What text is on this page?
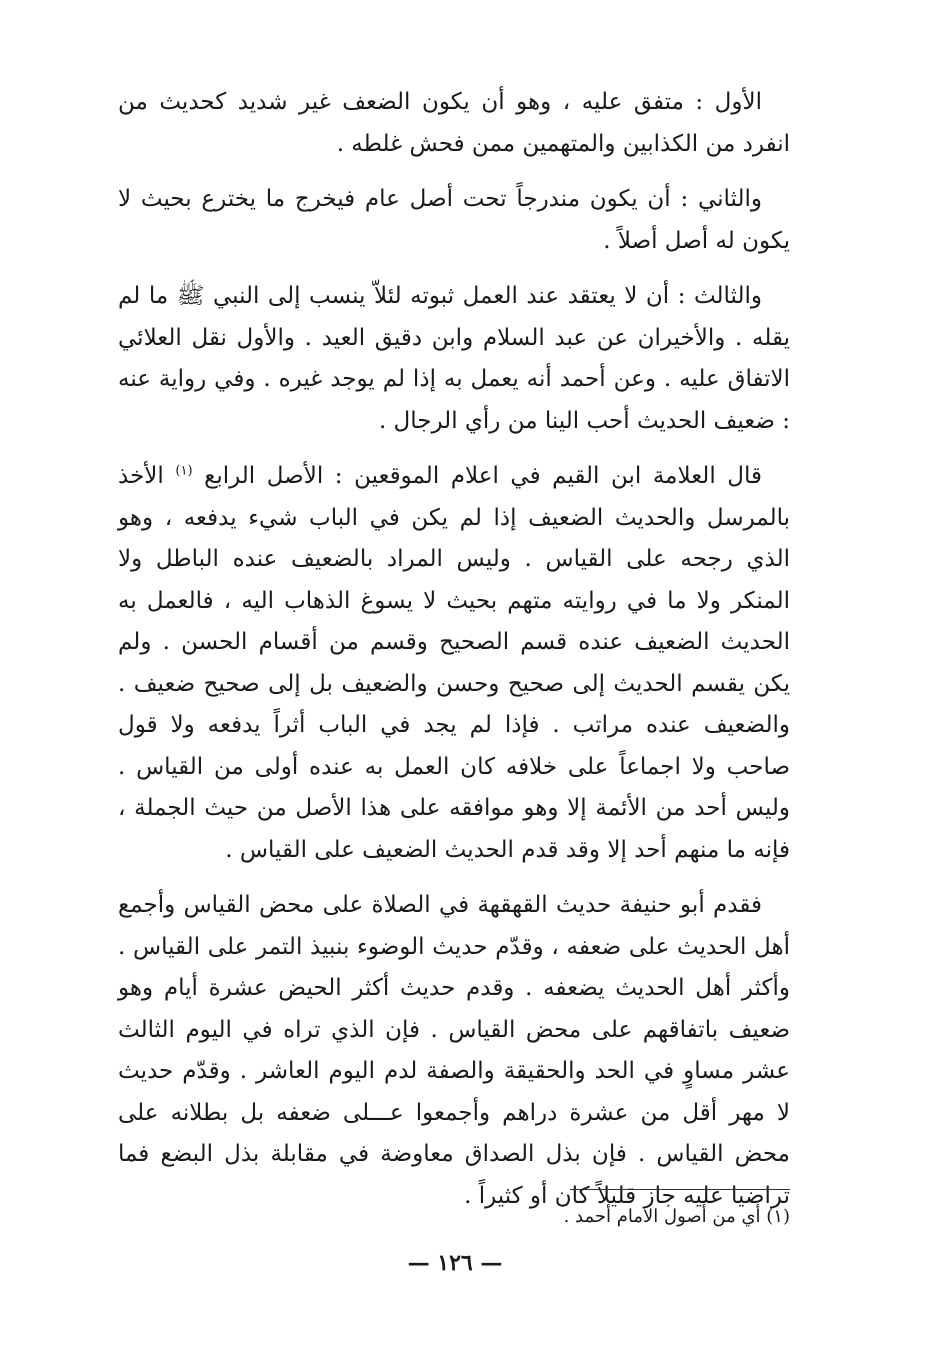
الأول : متفق عليه ، وهو أن يكون الضعف غير شديد كحديث من انفرد من الكذابين والمتهمين ممن فحش غلطه .

والثاني : أن يكون مندرجاً تحت أصل عام فيخرج ما يخترع بحيث لا يكون له أصل أصلاً .

والثالث : أن لا يعتقد عند العمل ثبوته لئلاّ ينسب إلى النبي ﷺ ما لم يقله . والأخيران عن عبد السلام وابن دقيق العيد . والأول نقل العلائي الاتفاق عليه . وعن أحمد أنه يعمل به إذا لم يوجد غيره . وفي رواية عنه : ضعيف الحديث أحب الينا من رأي الرجال .

قال العلامة ابن القيم في اعلام الموقعين : الأصل الرابع $^{(١)}$ الأخذ بالمرسل والحديث الضعيف إذا لم يكن في الباب شيء يدفعه ، وهو الذي رجحه على القياس . وليس المراد بالضعيف عنده الباطل ولا المنكر ولا ما في روايته متهم بحيث لا يسوغ الذهاب اليه ، فالعمل به الحديث الضعيف عنده قسم الصحيح وقسم من أقسام الحسن . ولم يكن يقسم الحديث إلى صحيح وحسن والضعيف بل إلى صحيح ضعيف . والضعيف عنده مراتب . فإذا لم يجد في الباب أثراً يدفعه ولا قول صاحب ولا اجماعاً على خلافه كان العمل به عنده أولى من القياس . وليس أحد من الأئمة إلا وهو موافقه على هذا الأصل من حيث الجملة ، فإنه ما منهم أحد إلا وقد قدم الحديث الضعيف على القياس .

فقدم أبو حنيفة حديث القهقهة في الصلاة على محض القياس وأجمع أهل الحديث على ضعفه ، وقدّم حديث الوضوء بنبيذ التمر على القياس . وأكثر أهل الحديث يضعفه . وقدم حديث أكثر الحيض عشرة أيام وهو ضعيف باتفاقهم على محض القياس . فإن الذي تراه في اليوم الثالث عشر مساوٍ في الحد والحقيقة والصفة لدم اليوم العاشر . وقدّم حديث لا مهر أقل من عشرة دراهم وأجمعوا عـــلى ضعفه بل بطلانه على محض القياس . فإن بذل الصداق معاوضة في مقابلة بذل البضع فما تراضيا عليه جاز قليلاً كان أو كثيراً .

(١) أي من أصول الامام أحمد .
— ١٢٦ —
